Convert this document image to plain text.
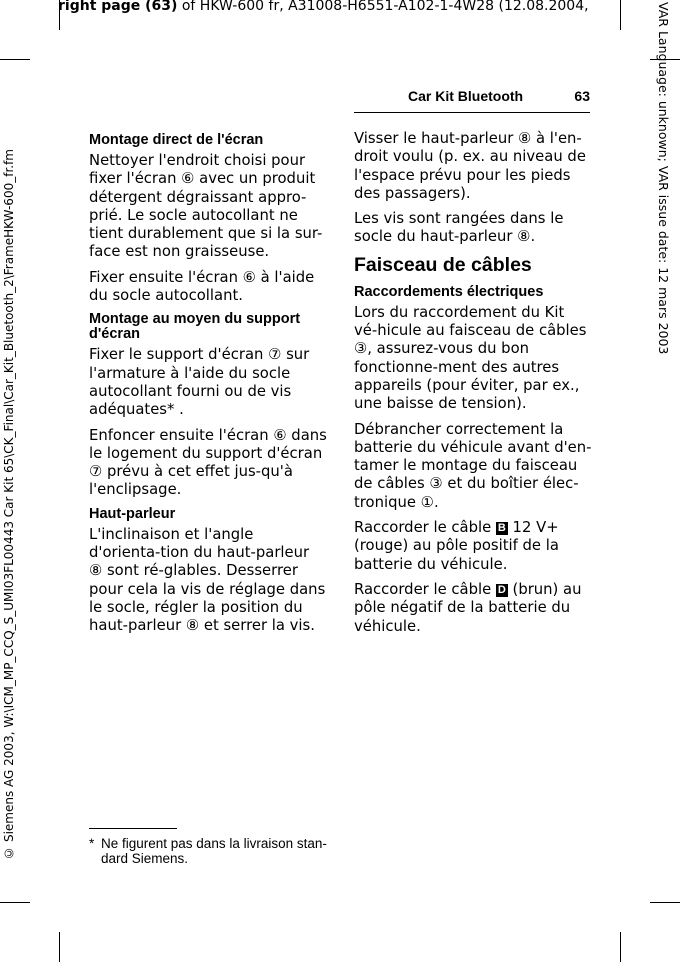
right page (63) of HKW-600 fr, A31008-H6551-A102-1-4W28 (12.08.2004,	VAR Language: unknown; VAR issue date: 12 mars 2003
© Siemens AG 2003, W:\ICM_MP_CCQ_S_UMI03FL00443 Car Kit 65\CK_Final\Car_Kit_Bluetooth_2\FrameHKW-600_fr.fm
Car Kit Bluetooth	63
Montage direct de l'écran

Nettoyer l'endroit choisi pour fixer l'écran ⑥ avec un produit détergent dégraissant appro-prié. Le socle autocollant ne tient durablement que si la sur-face est non graisseuse.

Fixer ensuite l'écran ⑥ à l'aide du socle autocollant.

Montage au moyen du support d'écran

Fixer le support d'écran ⑦ sur l'armature à l'aide du socle autocollant fourni ou de vis adéquates* .

Enfoncer ensuite l'écran ⑥ dans le logement du support d'écran ⑦ prévu à cet effet jus-qu'à l'enclipsage.

Haut-parleur

L'inclinaison et l'angle d'orienta-tion du haut-parleur ⑧ sont ré-glables. Desserrer pour cela la vis de réglage dans le socle, régler la position du haut-parleur ⑧ et serrer la vis.

Visser le haut-parleur ⑧ à l'en-droit voulu (p. ex. au niveau de l'espace prévu pour les pieds des passagers).

Les vis sont rangées dans le socle du haut-parleur ⑧.

Faisceau de câbles
Raccordements électriques

Lors du raccordement du Kit vé-hicule au faisceau de câbles ③, assurez-vous du bon fonctionne-ment des autres appareils (pour éviter, par ex., une baisse de tension).

Débrancher correctement la batterie du véhicule avant d'en-tamer le montage du faisceau de câbles ③ et du boîtier élec-tronique ①.

Raccorder le câble B 12 V+ (rouge) au pôle positif de la batterie du véhicule.

Raccorder le câble D (brun) au pôle négatif de la batterie du véhicule.

* Ne figurent pas dans la livraison stan-dard Siemens.
